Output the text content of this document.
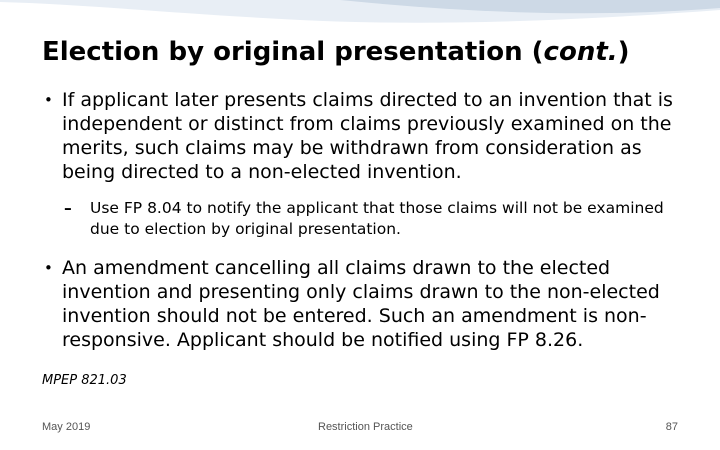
Election by original presentation (cont.)

• If applicant later presents claims directed to an invention that is independent or distinct from claims previously examined on the merits, such claims may be withdrawn from consideration as being directed to a non-elected invention.

– Use FP 8.04 to notify the applicant that those claims will not be examined due to election by original presentation.

• An amendment cancelling all claims drawn to the elected invention and presenting only claims drawn to the non-elected invention should not be entered. Such an amendment is non-responsive. Applicant should be notified using FP 8.26.

MPEP 821.03
May 2019	Restriction Practice	87
